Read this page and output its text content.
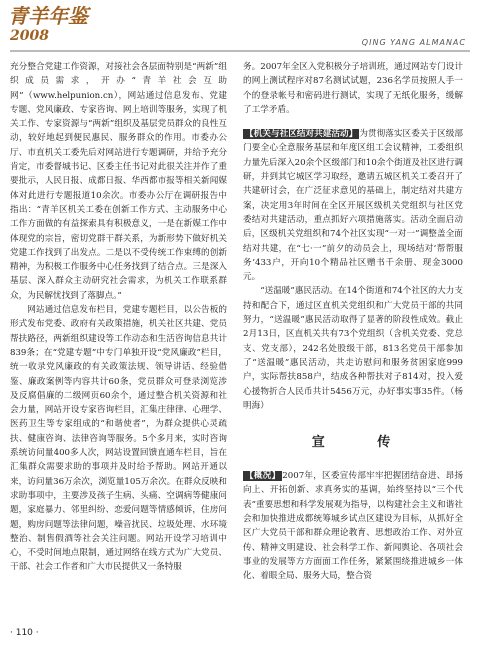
青羊年鉴
2008	QING YANG ALMANAC

充分整合党建工作资源，对接社会各层面特别是“两新”组织成员需求，开办“青羊社会互助网”（www.helpunion.cn），网站通过信息发布、党建专题、党风廉政、专家咨询、网上培训等服务，实现了机关工作、专家资源与“两新”组织及基层党员群众的良性互动，较好地起到便民惠民、服务群众的作用。市委办公厅、市直机关工委先后对网站进行专题调研，并给予充分肯定，市委督城书记、区委主任书记对此很关注并作了重要批示，人民日报、成都日报、华西都市报等相关新闻媒体对此进行专题报道10余次。市委办公厅在调研报告中指出：“青羊区机关工委在创新工作方式、主动服务中心工作方面做的有益探索具有积极意义，一是在新媒工作中体现党的宗旨，密切党群干群关系，为新形势下做好机关党建工作找到了出发点。二是以不受传统工作束缚的创新精神，为积极工作服务中心任务找到了结合点。三是深入基层、深入群众主动研究社会需求，为机关工作联系群众，为民解忧找到了落脚点。”

网站通过信息发布栏目，党建专题栏目，以公告板的形式发布党委、政府有关政策措施，机关社区共建、党员帮扶路径，两新组织建设等工作动态和生活咨询信息共计839条；在“党建专题”中专门单独开设“党风廉政”栏目，统一收录党风廉政的有关政策法规、领导讲话、经验借鉴、廉政案例等内容共计60条，党员群众可登录浏览涉及反腐倡廉的二级网页60余个，通过整合机关资源和社会力量，网站开设专家咨询栏目，汇集庄律律、心理学、医药卫生等专家组成的“和谐使者”，为群众提供心灵疏扶、健康咨询、法律咨询等服务。5个多月来，实时咨询系统访问量400多人次，网站设置回馈直通车栏目，旨在汇集群众需要求助的事项并及时给予帮助。网站开通以来，访问量36万余次，浏览量105万余次。在群众反映和求助事项中，主要涉及孩子生病、头痛、空调病等健康问题，家庭暴力、邻里纠纷、恋爱问题等情感倾诉，住房问题，购房问题等法律问题，噪音扰民、垃圾处理、水环境整治、制售假酒等社会关注问题。网站开设学习培训中心，不受时间地点限制，通过网络在线方式为广大党员、干部、社会工作者和广大市民提供又一条特服

务。2007年全区入党积极分子培训班，通过网站专门设计的网上测试程序对87名测试试题，236名学员按照人手一个的登录帐号和密码进行测试，实现了无纸化服务，缓解了工学矛盾。

【机关与社区结对共建活动】 为贯彻落实区委关于区级部门要全心全意服务基层和年度区组工会议精神，工委组织力量先后深入20余个区级部门和10余个街道及社区进行调研，并到其它城区学习取经，邀请五城区机关工委召开了共建研讨会，在广泛征求意见的基础上，制定结对共建方案，决定用3年时间在全区开展区级机关党组织与社区党委结对共建活动，重点抓好六项措施落实。活动全面启动后，区级机关党组织和74个社区实现“一对一”调整盖全面结对共建，在“七·一”前夕的动员会上，现场结对‘帮帮服务’433户，开向10个精品社区赠书千余册、现金3000元。

“送温暖”惠民活动。在14个街道和74个社区的大力支持和配合下，通过区直机关党组织和广大党员干部的共同努力，“送温暖”惠民活动取得了显著的阶段性成效。截止2月13日，区直机关共有73个党组织（含机关党委、党总支、党支部），242名处股级干部，813名党员干部参加了“送温暖”惠民活动，共走访慰问和服务贫困家庭999户，实际帮扶858户，结成各种帮扶对子814对，投入爱心援物折合人民币共计5456万元，办好事实事35件。（杨明海）

宣 传

【概况】 2007年，区委宣传部牢牢把握团结奋进、昂扬向上、开拓创新、求真务实的基调，始终坚持以“三个代表”重要思想和科学发展观为指导，以构建社会主义和谐社会和加快推进成都统筹城乡试点区建设为目标，从抓好全区广大党员干部和群众理论教育、思想政治工作、对外宣传、精神文明建设、社会科学工作、新闻舆论、各项社会事业的发展等方方面面工作任务，紧紧围绕推进城乡一体化、着眼全局、服务大局，整合资

· 110 ·
